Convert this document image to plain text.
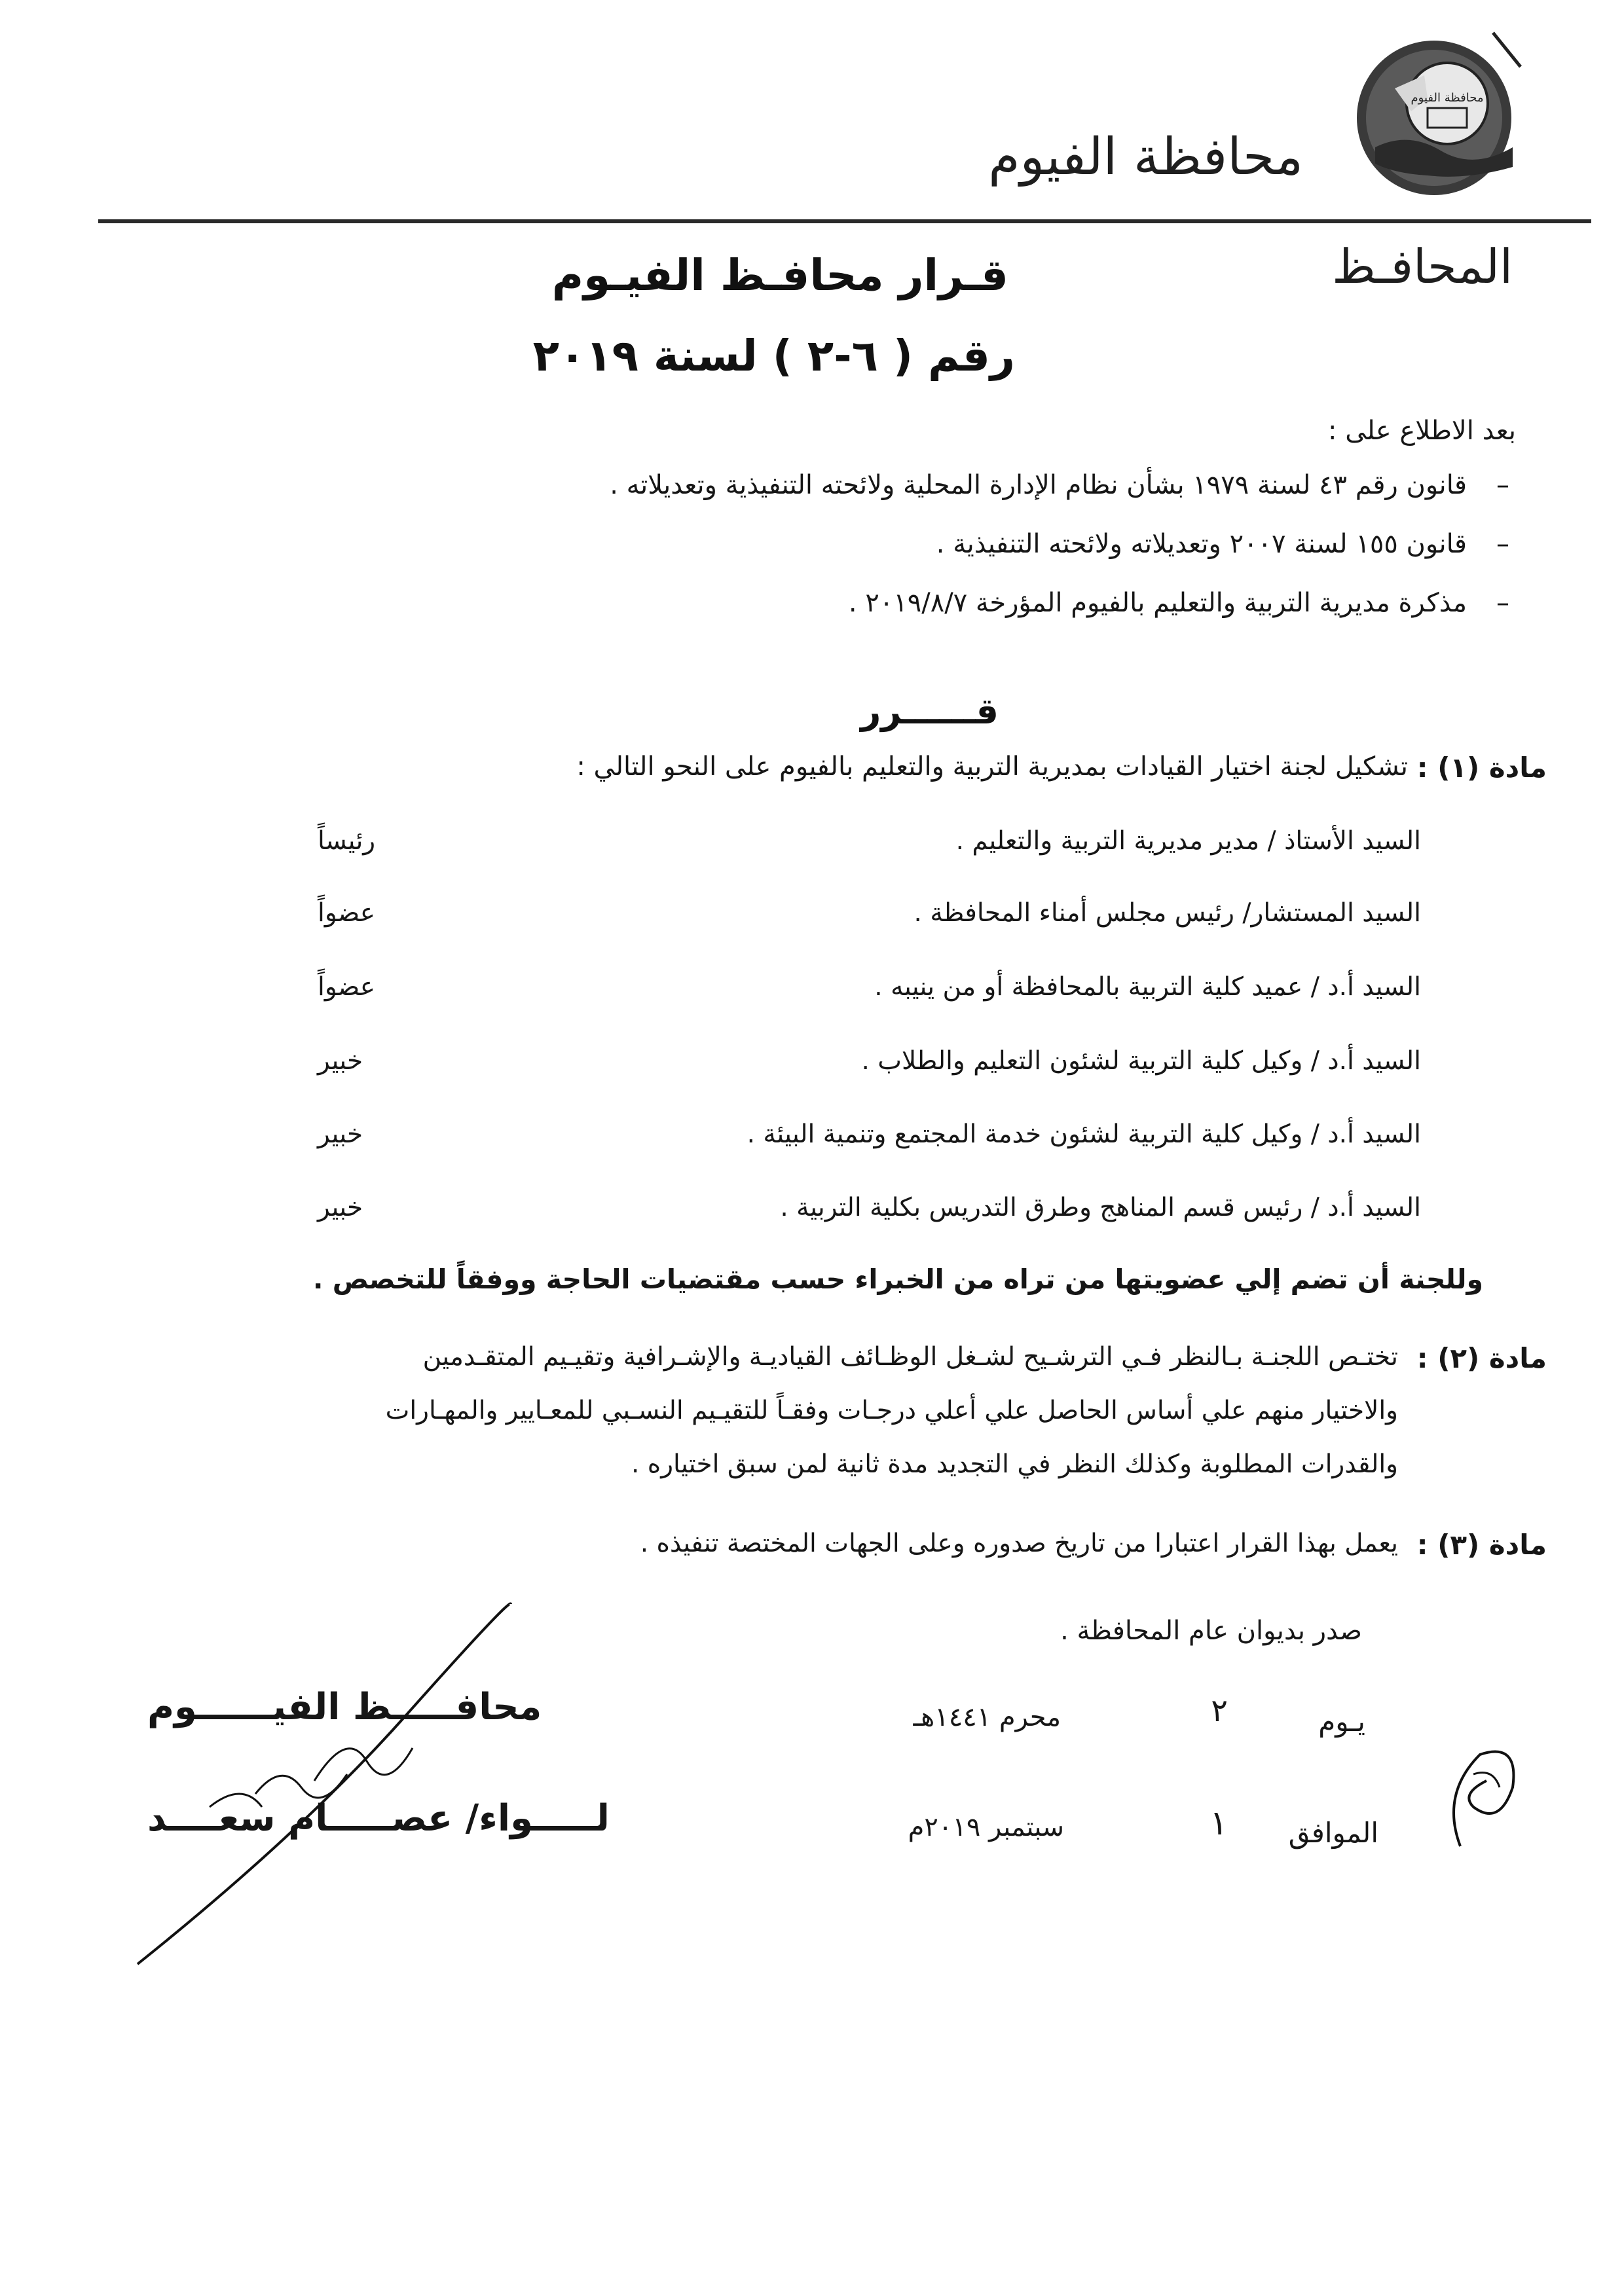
محافظة الفيوم
محافظة الفيوم
المحافـظ
قـرار محافـظ الفيـوم
رقم ( ٦-٢ ) لسنة ٢٠١٩
بعد الاطلاع على :
–
قانون رقم ٤٣ لسنة ١٩٧٩ بشأن نظام الإدارة المحلية ولائحته التنفيذية وتعديلاته .
–
قانون ١٥٥ لسنة ٢٠٠٧ وتعديلاته ولائحته التنفيذية .
–
مذكرة مديرية التربية والتعليم بالفيوم المؤرخة ٢٠١٩/٨/٧ .
قــــــرر
مادة (١) :
تشكيل لجنة اختيار القيادات بمديرية التربية والتعليم بالفيوم على النحو التالي :
السيد الأستاذ / مدير مديرية التربية والتعليم .
رئيساً
السيد المستشار/ رئيس مجلس أمناء المحافظة .
عضواً
السيد أ.د / عميد كلية التربية بالمحافظة أو من ينيبه .
عضواً
السيد أ.د / وكيل كلية التربية لشئون التعليم والطلاب .
خبير
السيد أ.د / وكيل كلية التربية لشئون خدمة المجتمع وتنمية البيئة .
خبير
السيد أ.د / رئيس قسم المناهج وطرق التدريس بكلية التربية .
خبير
وللجنة أن تضم إلي عضويتها من تراه من الخبراء حسب مقتضيات الحاجة ووفقاً للتخصص .
مادة (٢) :
تختـص اللجنـة بـالنظر فـي الترشـيح لشـغل الوظـائف القياديـة والإشـرافية وتقيـيم المتقـدمين
والاختيار منهم علي أساس الحاصل علي أعلي درجـات وفقـاً للتقيـيم النسـبي للمعـايير والمهـارات
والقدرات المطلوبة وكذلك النظر في التجديد مدة ثانية لمن سبق اختياره .
مادة (٣) :
يعمل بهذا القرار اعتبارا من تاريخ صدوره وعلى الجهات المختصة تنفيذه .
صدر بديوان عام المحافظة .
يـوم
٢
محرم ١٤٤١هـ
الموافق
١
سبتمبر ٢٠١٩م
محافـــــظ الفيــــــوم
لـــــواء/ عصـــــام سعــــد
